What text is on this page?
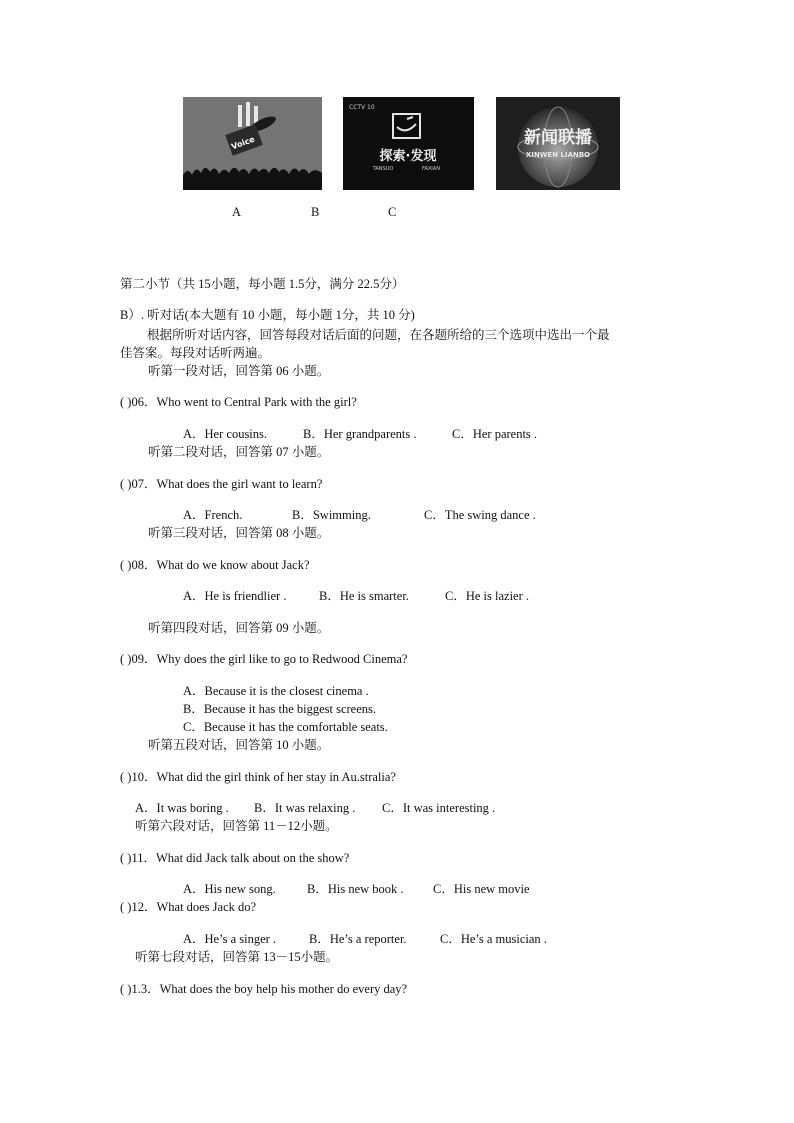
Voice
CCTV 10
探索·发现
TANSUO	FAXIAN
新闻联播
XINWEN LIANBO
A	B	C
第二小节（共 15小题，每小题 1.5分，满分 22.5分）
B）. 听对话(本大题有 10 小题，每小题 1分，共 10 分)
根据所听对话内容，回答每段对话后面的问题，在各题所给的三个选项中选出一个最
佳答案。每段对话听两遍。
听第一段对话，回答第 06 小题。
( )06．Who went to Central Park with the girl?
A．Her cousins.	B．Her grandparents .	C．Her parents .
听第二段对话，回答第 07 小题。
( )07．What does the girl want to learn?
A．French.	B．Swimming.	C．The swing dance .
听第三段对话，回答第 08 小题。
( )08．What do we know about Jack?
A．He is friendlier .	B．He is smarter.	C．He is lazier .
听第四段对话，回答第 09 小题。
( )09．Why does the girl like to go to Redwood Cinema?
A．Because it is the closest cinema .
B．Because it has the biggest screens.
C．Because it has the comfortable seats.
听第五段对话，回答第 10 小题。
( )10．What did the girl think of her stay in Au.stralia?
A．It was boring . B．It was relaxing . C．It was interesting .
听第六段对话，回答第 11－12小题。
( )11．What did Jack talk about on the show?
A．His new song.	B．His new book . C．His new movie
( )12．What does Jack do?
A．He’s a singer .	B．He’s a reporter.	C．He’s a musician .
听第七段对话，回答第 13－15小题。
( )1.3．What does the boy help his mother do every day?
